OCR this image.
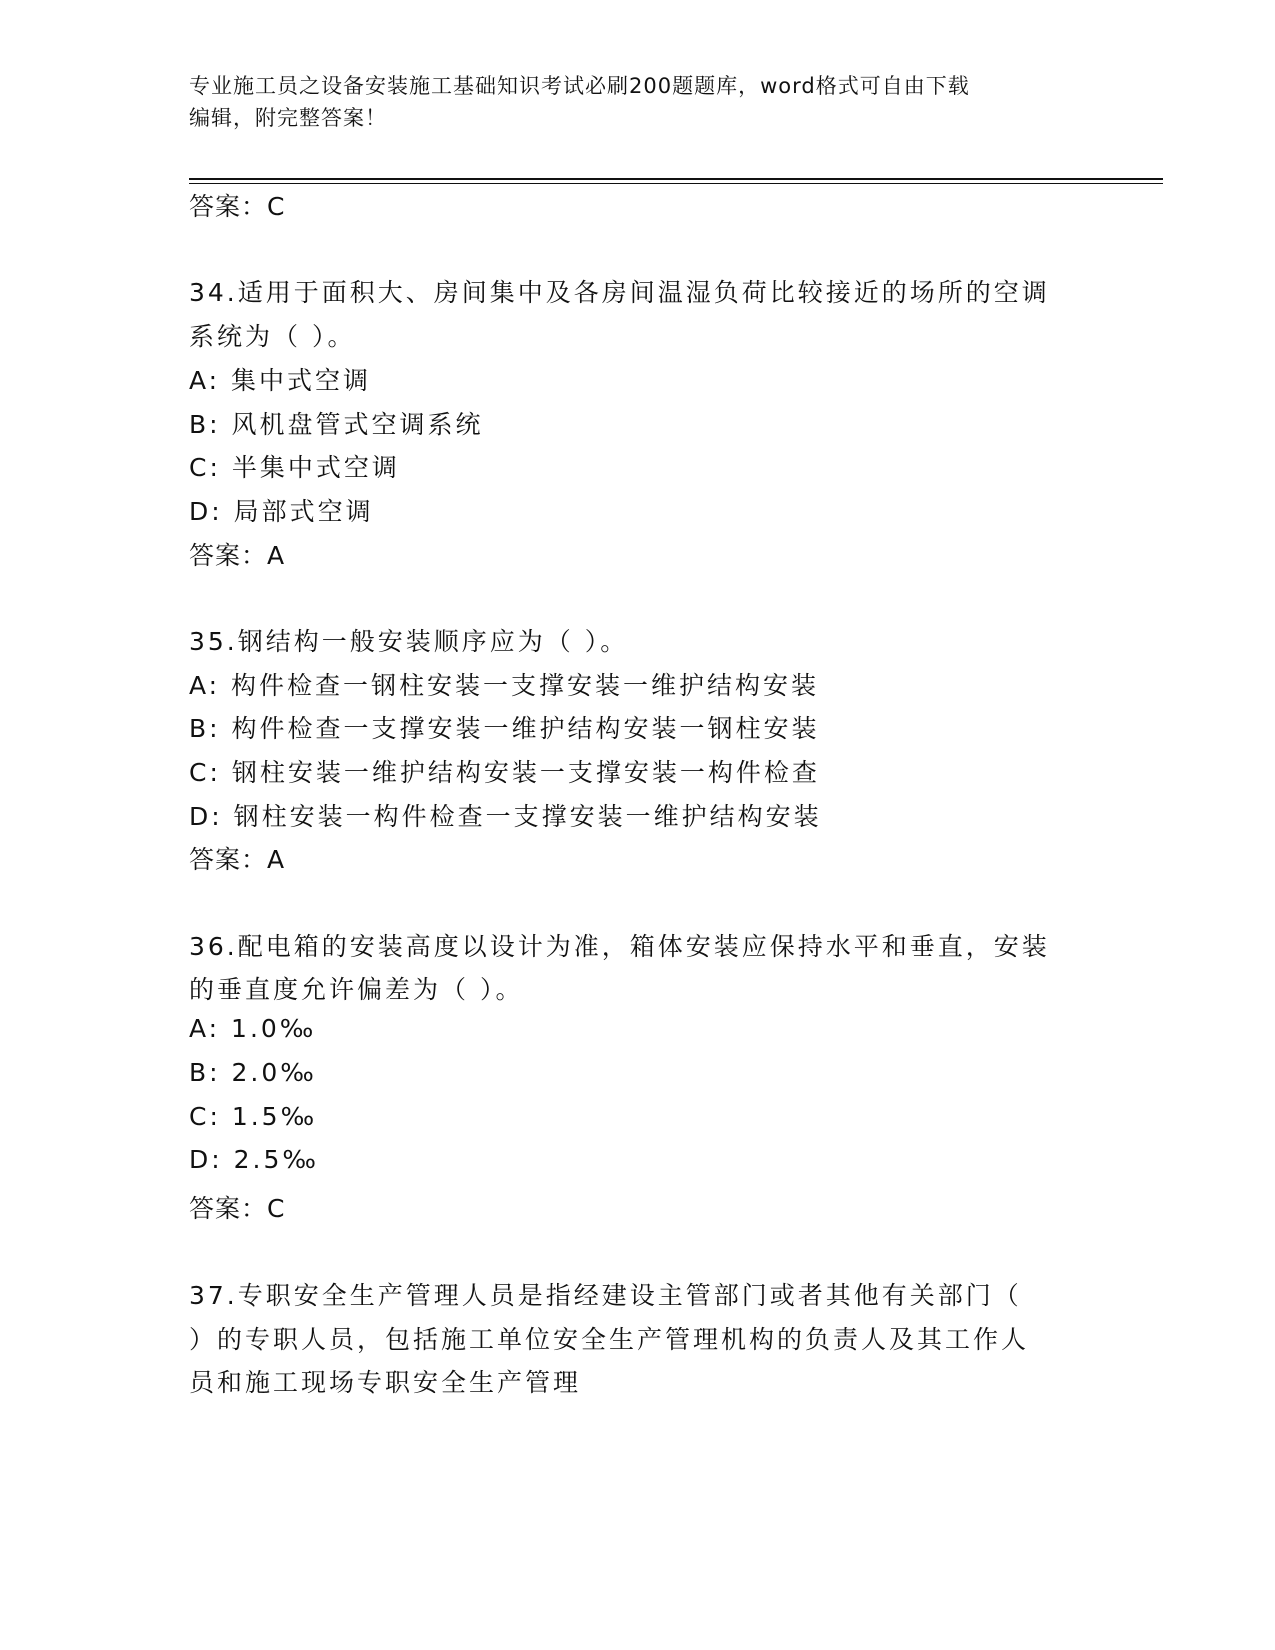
专业施工员之设备安装施工基础知识考试必刷200题题库，word格式可自由下载
编辑，附完整答案！
答案：C
34.适用于面积大、房间集中及各房间温湿负荷比较接近的场所的空调
系统为（ ）。
A: 集中式空调
B: 风机盘管式空调系统
C: 半集中式空调
D: 局部式空调
答案：A
35.钢结构一般安装顺序应为（ ）。
A: 构件检查一钢柱安装一支撑安装一维护结构安装
B: 构件检查一支撑安装一维护结构安装一钢柱安装
C: 钢柱安装一维护结构安装一支撑安装一构件检查
D: 钢柱安装一构件检查一支撑安装一维护结构安装
答案：A
36.配电箱的安装高度以设计为准，箱体安装应保持水平和垂直，安装
的垂直度允许偏差为（ ）。
A: 1.0‰
B: 2.0‰
C: 1.5‰
D: 2.5‰
答案：C
37.专职安全生产管理人员是指经建设主管部门或者其他有关部门（
）的专职人员，包括施工单位安全生产管理机构的负责人及其工作人
员和施工现场专职安全生产管理
